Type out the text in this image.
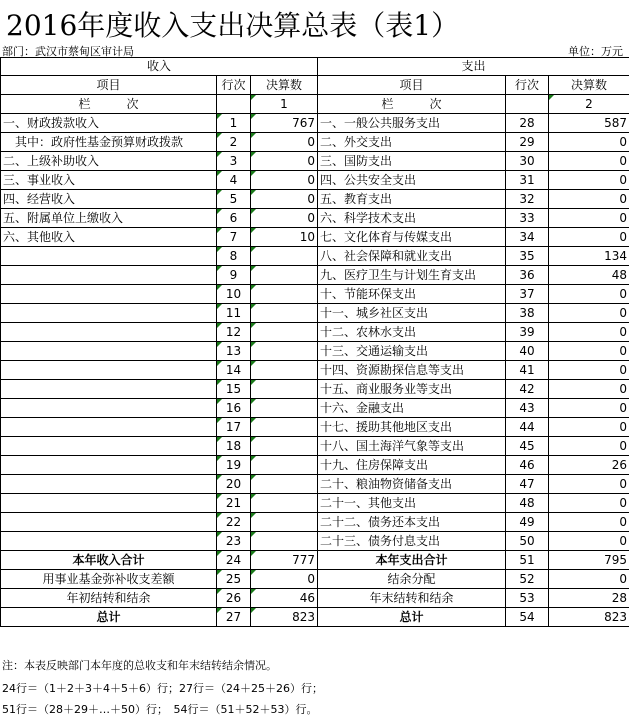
2016年度收入支出决算总表（表1）
部门：武汉市蔡甸区审计局	单位：万元
收入			支出		
项目	行次	决算数	项目	行次	决算数
栏　　　次		1	栏　　　次		2
一、财政拨款收入	1	767	一、一般公共服务支出	28	587
　其中：政府性基金预算财政拨款	2	0	二、外交支出	29	0
二、上级补助收入	3	0	三、国防支出	30	0
三、事业收入	4	0	四、公共安全支出	31	0
四、经营收入	5	0	五、教育支出	32	0
五、附属单位上缴收入	6	0	六、科学技术支出	33	0
六、其他收入	7	10	七、文化体育与传媒支出	34	0
	8		八、社会保障和就业支出	35	134
	9		九、医疗卫生与计划生育支出	36	48
	10		十、节能环保支出	37	0
	11		十一、城乡社区支出	38	0
	12		十二、农林水支出	39	0
	13		十三、交通运输支出	40	0
	14		十四、资源勘探信息等支出	41	0
	15		十五、商业服务业等支出	42	0
	16		十六、金融支出	43	0
	17		十七、援助其他地区支出	44	0
	18		十八、国土海洋气象等支出	45	0
	19		十九、住房保障支出	46	26
	20		二十、粮油物资储备支出	47	0
	21		二十一、其他支出	48	0
	22		二十二、债务还本支出	49	0
	23		二十三、债务付息支出	50	0
本年收入合计	24	777	本年支出合计	51	795
用事业基金弥补收支差额	25	0	结余分配	52	0
年初结转和结余	26	46	年末结转和结余	53	28
总计	27	823	总计	54	823
注：本表反映部门本年度的总收支和年末结转结余情况。
24行＝（1＋2＋3＋4＋5＋6）行；27行＝（24＋25＋26）行；
51行＝（28＋29＋…＋50）行；　54行＝（51＋52＋53）行。
